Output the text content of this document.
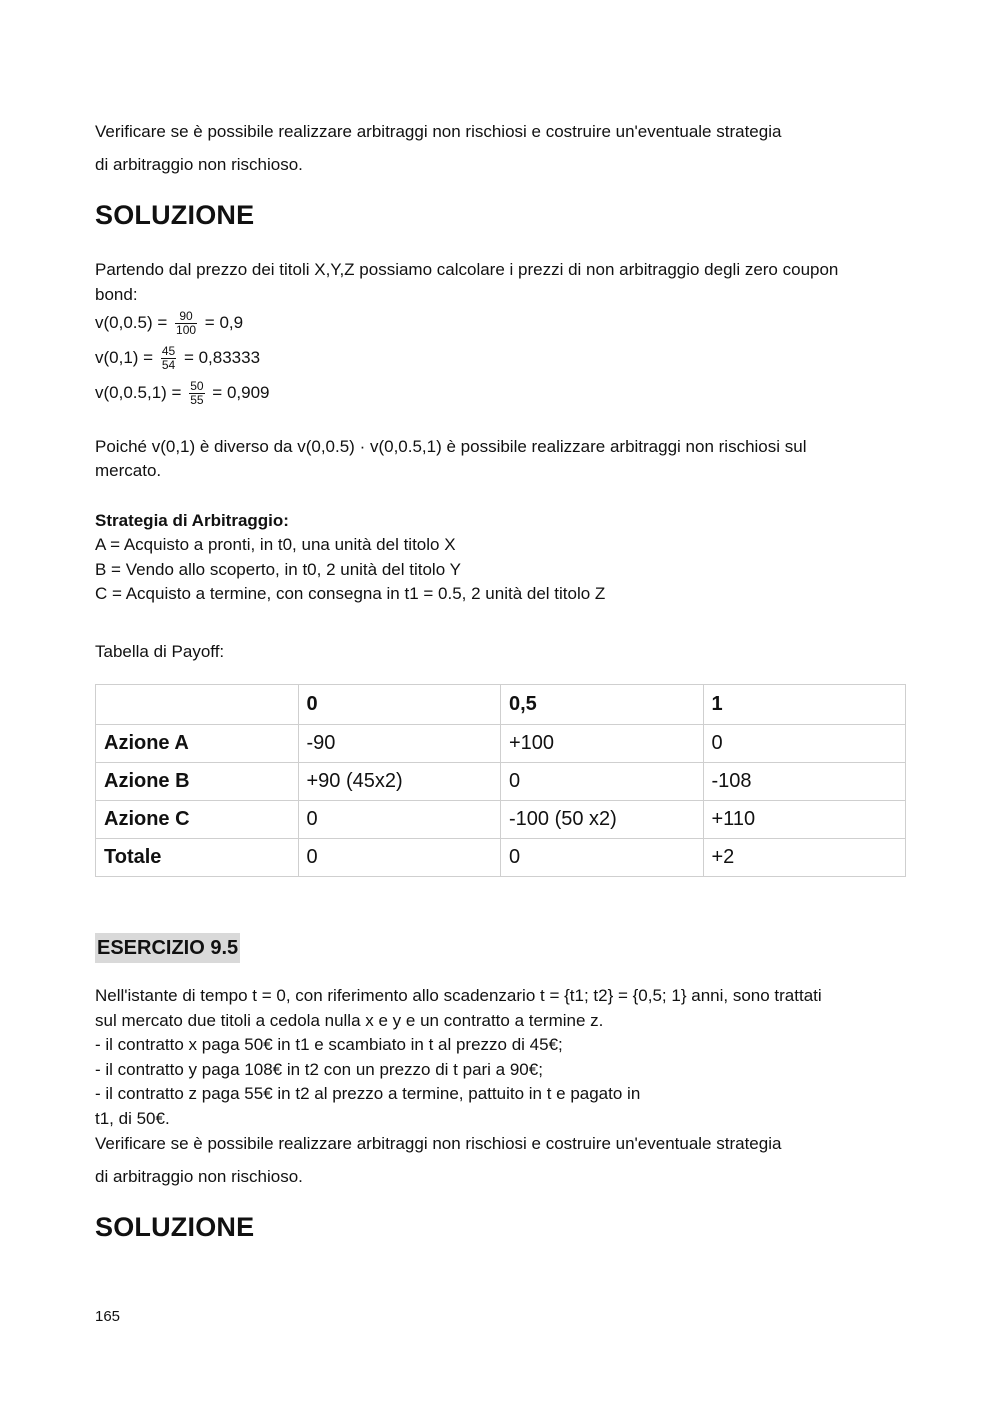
Verificare se è possibile realizzare arbitraggi non rischiosi e costruire un'eventuale strategia
di arbitraggio non rischioso.
SOLUZIONE
Partendo dal prezzo dei titoli X,Y,Z possiamo calcolare i prezzi di non arbitraggio degli zero coupon
bond:
$v(0,0.5) = \frac{90}{100} = 0,9$
$v(0,1) = \frac{45}{54} = 0,83333$
$v(0,0.5,1) = \frac{50}{55} = 0,909$
Poiché v(0,1) è diverso da v(0,0.5) · v(0,0.5,1) è possibile realizzare arbitraggi non rischiosi sul
mercato.
Strategia di Arbitraggio:
A = Acquisto a pronti, in t0, una unità del titolo X
B = Vendo allo scoperto, in t0, 2 unità del titolo Y
C = Acquisto a termine, con consegna in t1 = 0.5, 2 unità del titolo Z
Tabella di Payoff:
	0	0,5	1
Azione A	-90	+100	0
Azione B	+90 (45x2)	0	-108
Azione C	0	-100 (50 x2)	+110
Totale	0	0	+2
ESERCIZIO 9.5
Nell'istante di tempo t = 0, con riferimento allo scadenzario t = {t1; t2} = {0,5; 1} anni, sono trattati
sul mercato due titoli a cedola nulla x e y e un contratto a termine z.
- il contratto x paga 50€ in t1 e scambiato in t al prezzo di 45€;
- il contratto y paga 108€ in t2 con un prezzo di t pari a 90€;
- il contratto z paga 55€ in t2 al prezzo a termine, pattuito in t e pagato in
t1, di 50€.
Verificare se è possibile realizzare arbitraggi non rischiosi e costruire un'eventuale strategia
di arbitraggio non rischioso.
SOLUZIONE
165
